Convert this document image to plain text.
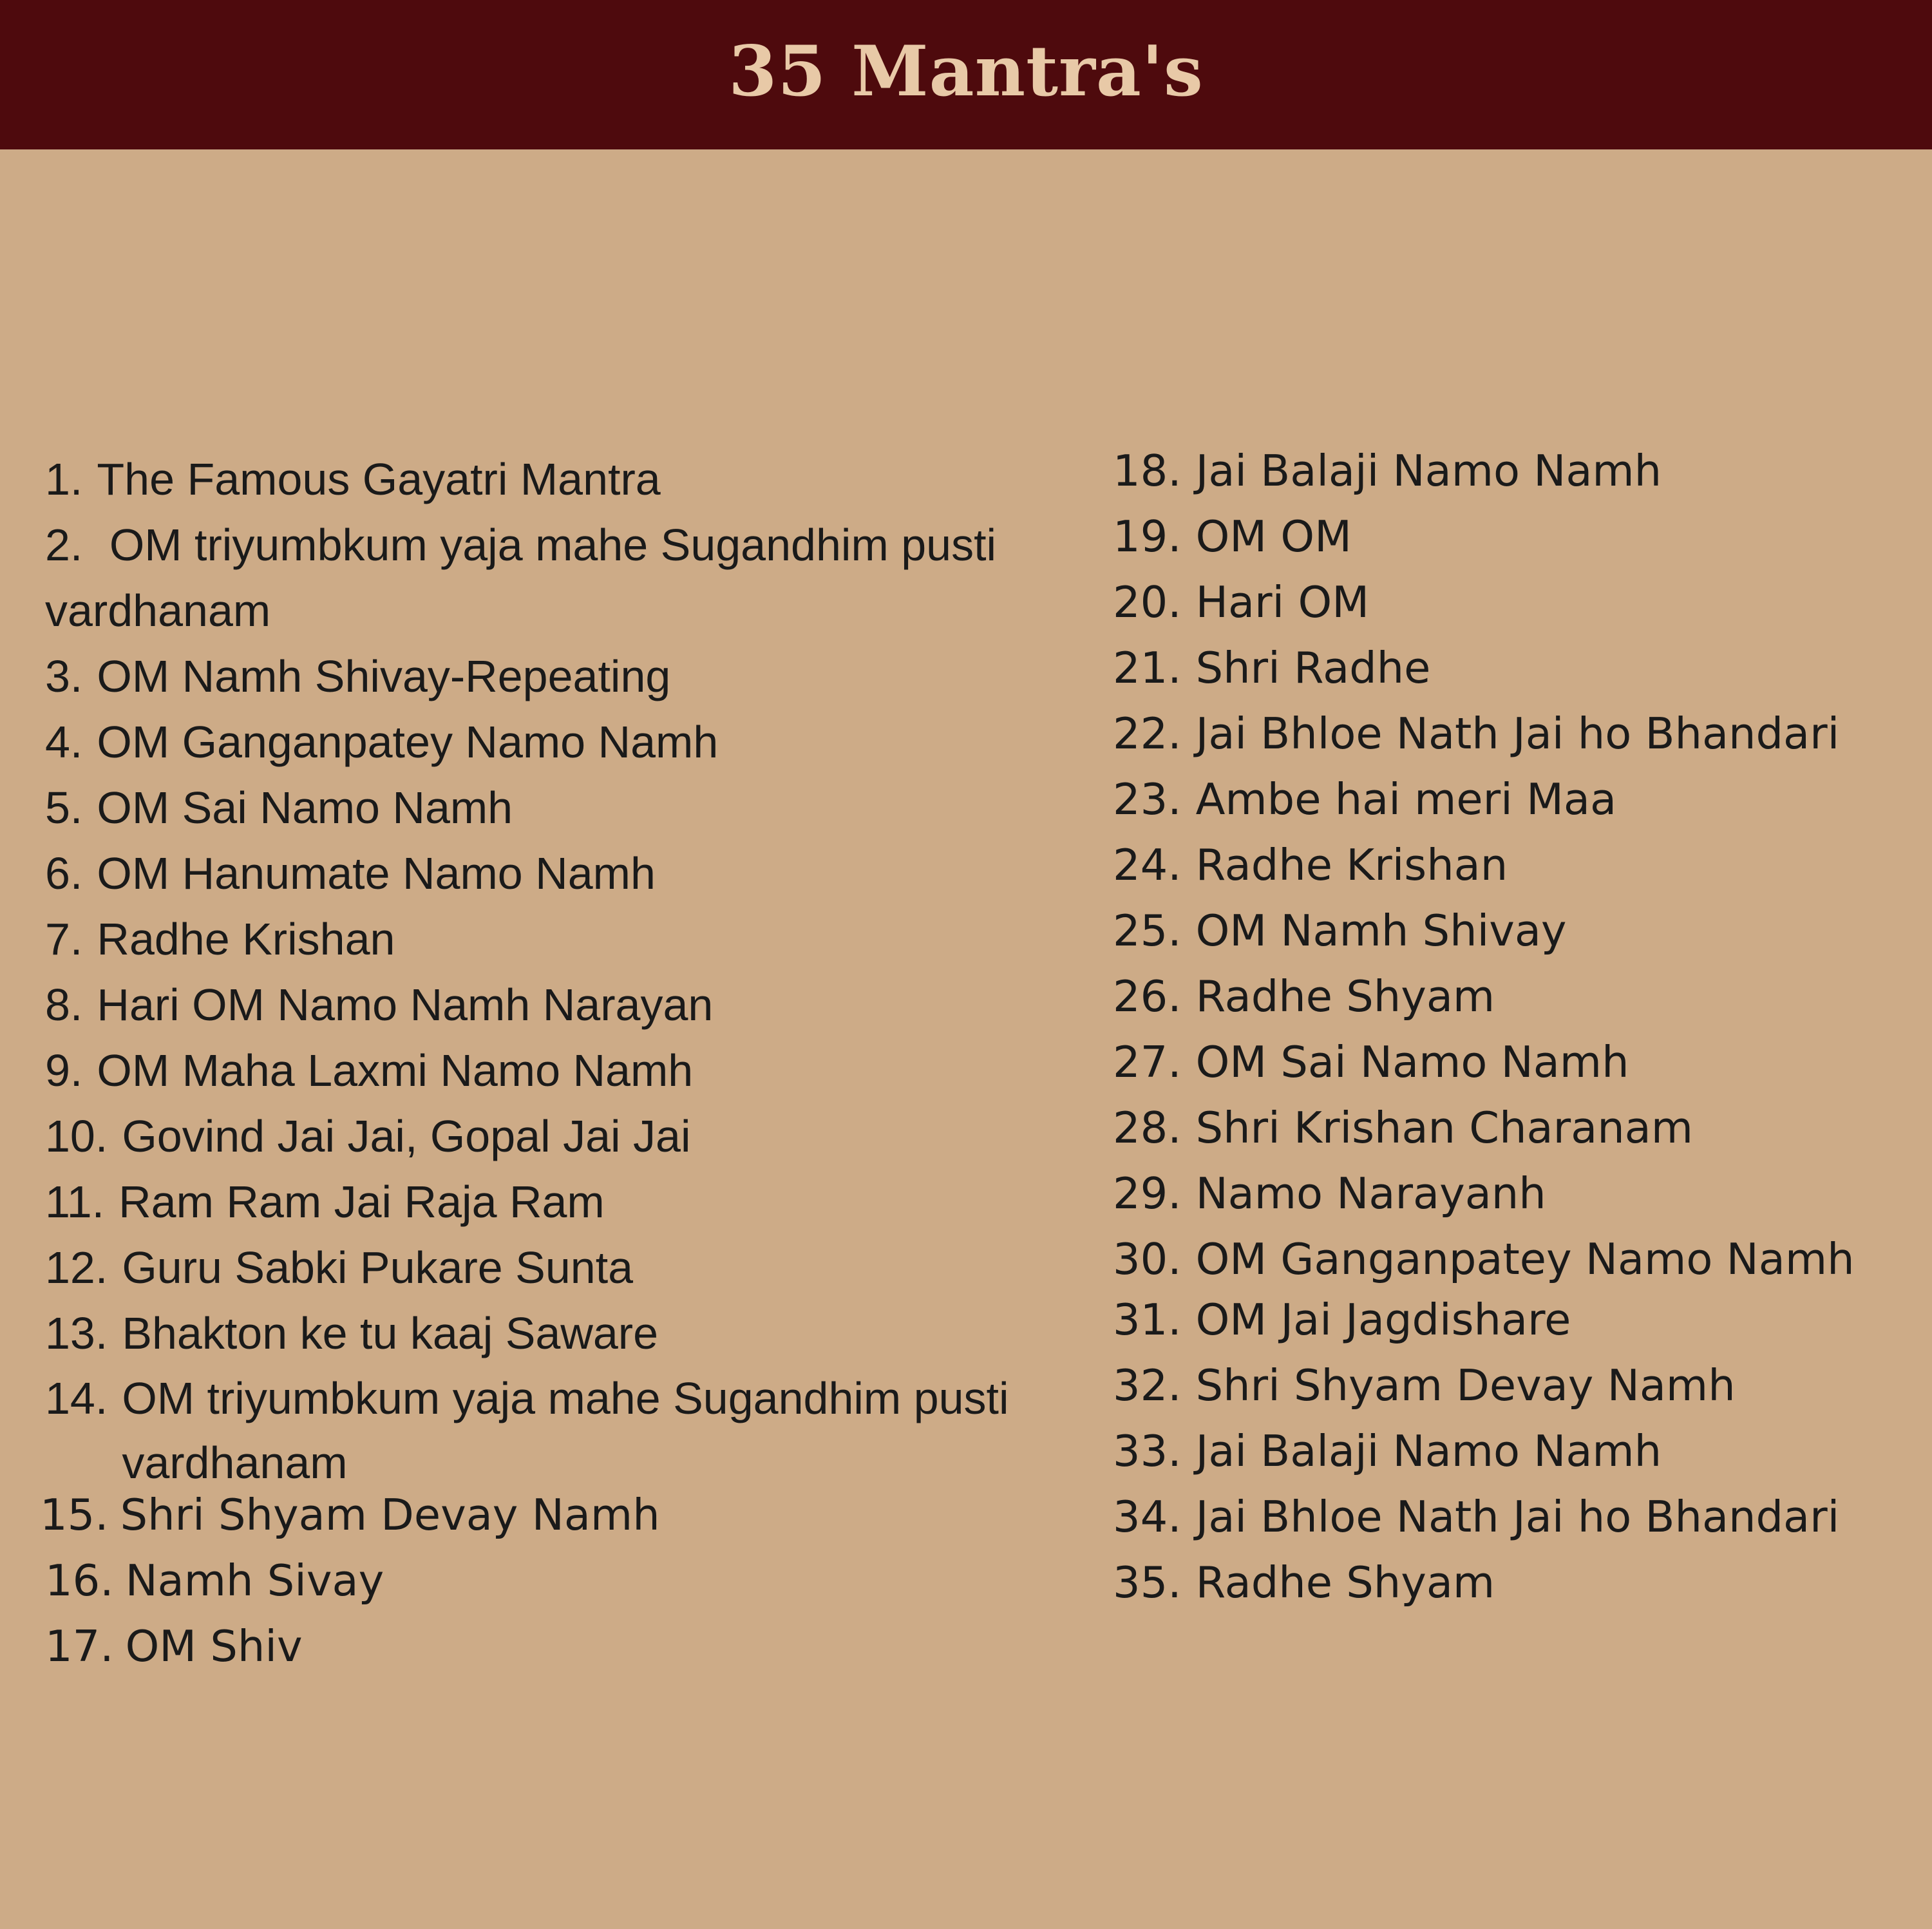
35 Mantra's
1. The Famous Gayatri Mantra
2. OM triyumbkum yaja mahe Sugandhim pusti vardhanam
3. OM Namh Shivay-Repeating
4. OM Ganganpatey Namo Namh
5. OM Sai Namo Namh
6. OM Hanumate Namo Namh
7. Radhe Krishan
8. Hari OM Namo Namh Narayan
9. OM Maha Laxmi Namo Namh
10. Govind Jai Jai, Gopal Jai Jai
11. Ram Ram Jai Raja Ram
12. Guru Sabki Pukare Sunta
13. Bhakton ke tu kaaj Saware
14. OM triyumbkum yaja mahe Sugandhim pusti vardhanam
15. Shri Shyam Devay Namh
16. Namh Sivay
17. OM Shiv
18. Jai Balaji Namo Namh
19. OM OM
20. Hari OM
21. Shri Radhe
22. Jai Bhloe Nath Jai ho Bhandari
23. Ambe hai meri Maa
24. Radhe Krishan
25. OM Namh Shivay
26. Radhe Shyam
27. OM Sai Namo Namh
28. Shri Krishan Charanam
29. Namo Narayanh
30. OM Ganganpatey Namo Namh
31. OM Jai Jagdishare
32. Shri Shyam Devay Namh
33. Jai Balaji Namo Namh
34. Jai Bhloe Nath Jai ho Bhandari
35. Radhe Shyam
